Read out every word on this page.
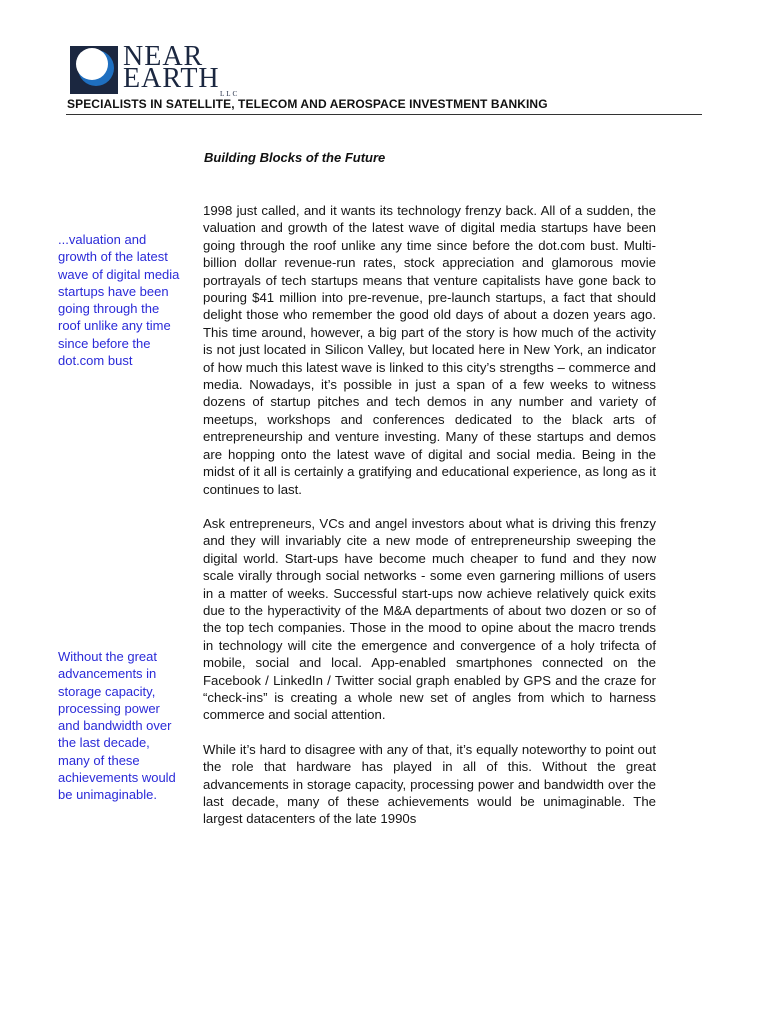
NEAR
EARTH LLC
SPECIALISTS IN SATELLITE, TELECOM AND AEROSPACE INVESTMENT BANKING
Building Blocks of the Future
...valuation and growth of the latest wave of digital media startups have been going through the roof unlike any time since before the dot.com bust
Without the great advancements in storage capacity, processing power and bandwidth over the last decade, many of these achievements would be unimaginable.

1998 just called, and it wants its technology frenzy back. All of a sudden, the valuation and growth of the latest wave of digital media startups have been going through the roof unlike any time since before the dot.com bust. Multi-billion dollar revenue-run rates, stock appreciation and glamorous movie portrayals of tech startups means that venture capitalists have gone back to pouring $41 million into pre-revenue, pre-launch startups, a fact that should delight those who remember the good old days of about a dozen years ago. This time around, however, a big part of the story is how much of the activity is not just located in Silicon Valley, but located here in New York, an indicator of how much this latest wave is linked to this city’s strengths – commerce and media. Nowadays, it’s possible in just a span of a few weeks to witness dozens of startup pitches and tech demos in any number and variety of meetups, workshops and conferences dedicated to the black arts of entrepreneurship and venture investing. Many of these startups and demos are hopping onto the latest wave of digital and social media. Being in the midst of it all is certainly a gratifying and educational experience, as long as it continues to last.

Ask entrepreneurs, VCs and angel investors about what is driving this frenzy and they will invariably cite a new mode of entrepreneurship sweeping the digital world. Start-ups have become much cheaper to fund and they now scale virally through social networks - some even garnering millions of users in a matter of weeks. Successful start-ups now achieve relatively quick exits due to the hyperactivity of the M&A departments of about two dozen or so of the top tech companies. Those in the mood to opine about the macro trends in technology will cite the emergence and convergence of a holy trifecta of mobile, social and local. App-enabled smartphones connected on the Facebook / LinkedIn / Twitter social graph enabled by GPS and the craze for “check-ins” is creating a whole new set of angles from which to harness commerce and social attention.

While it’s hard to disagree with any of that, it’s equally noteworthy to point out the role that hardware has played in all of this. Without the great advancements in storage capacity, processing power and bandwidth over the last decade, many of these achievements would be unimaginable. The largest datacenters of the late 1990s
